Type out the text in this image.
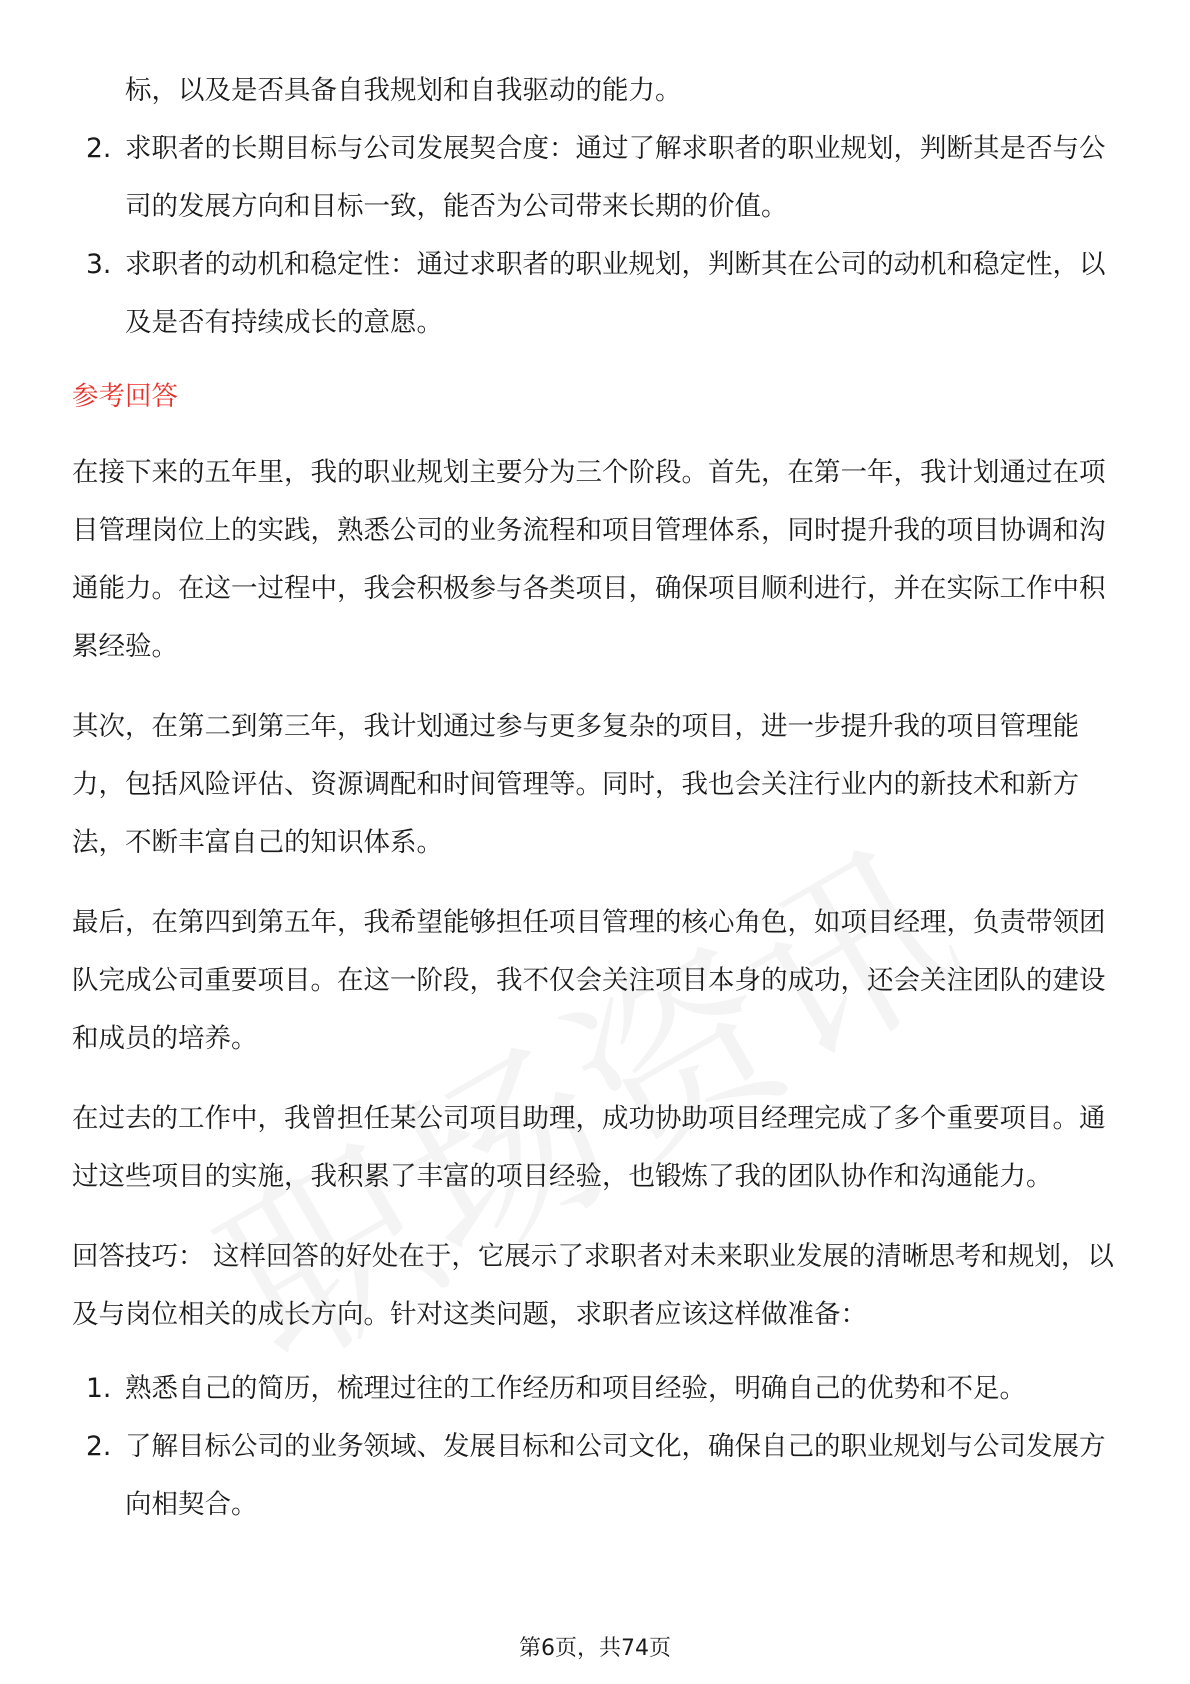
标，以及是否具备自我规划和自我驱动的能力。
2. 求职者的长期目标与公司发展契合度：通过了解求职者的职业规划，判断其是否与公司的发展方向和目标一致，能否为公司带来长期的价值。
3. 求职者的动机和稳定性：通过求职者的职业规划，判断其在公司的动机和稳定性，以及是否有持续成长的意愿。
参考回答

在接下来的五年里，我的职业规划主要分为三个阶段。首先，在第一年，我计划通过在项目管理岗位上的实践，熟悉公司的业务流程和项目管理体系，同时提升我的项目协调和沟通能力。在这一过程中，我会积极参与各类项目，确保项目顺利进行，并在实际工作中积累经验。

其次，在第二到第三年，我计划通过参与更多复杂的项目，进一步提升我的项目管理能力，包括风险评估、资源调配和时间管理等。同时，我也会关注行业内的新技术和新方法，不断丰富自己的知识体系。

最后，在第四到第五年，我希望能够担任项目管理的核心角色，如项目经理，负责带领团队完成公司重要项目。在这一阶段，我不仅会关注项目本身的成功，还会关注团队的建设和成员的培养。

在过去的工作中，我曾担任某公司项目助理，成功协助项目经理完成了多个重要项目。通过这些项目的实施，我积累了丰富的项目经验，也锻炼了我的团队协作和沟通能力。

回答技巧： 这样回答的好处在于，它展示了求职者对未来职业发展的清晰思考和规划，以及与岗位相关的成长方向。针对这类问题，求职者应该这样做准备：

1. 熟悉自己的简历，梳理过往的工作经历和项目经验，明确自己的优势和不足。
2. 了解目标公司的业务领域、发展目标和公司文化，确保自己的职业规划与公司发展方向相契合。
第6页，共74页
